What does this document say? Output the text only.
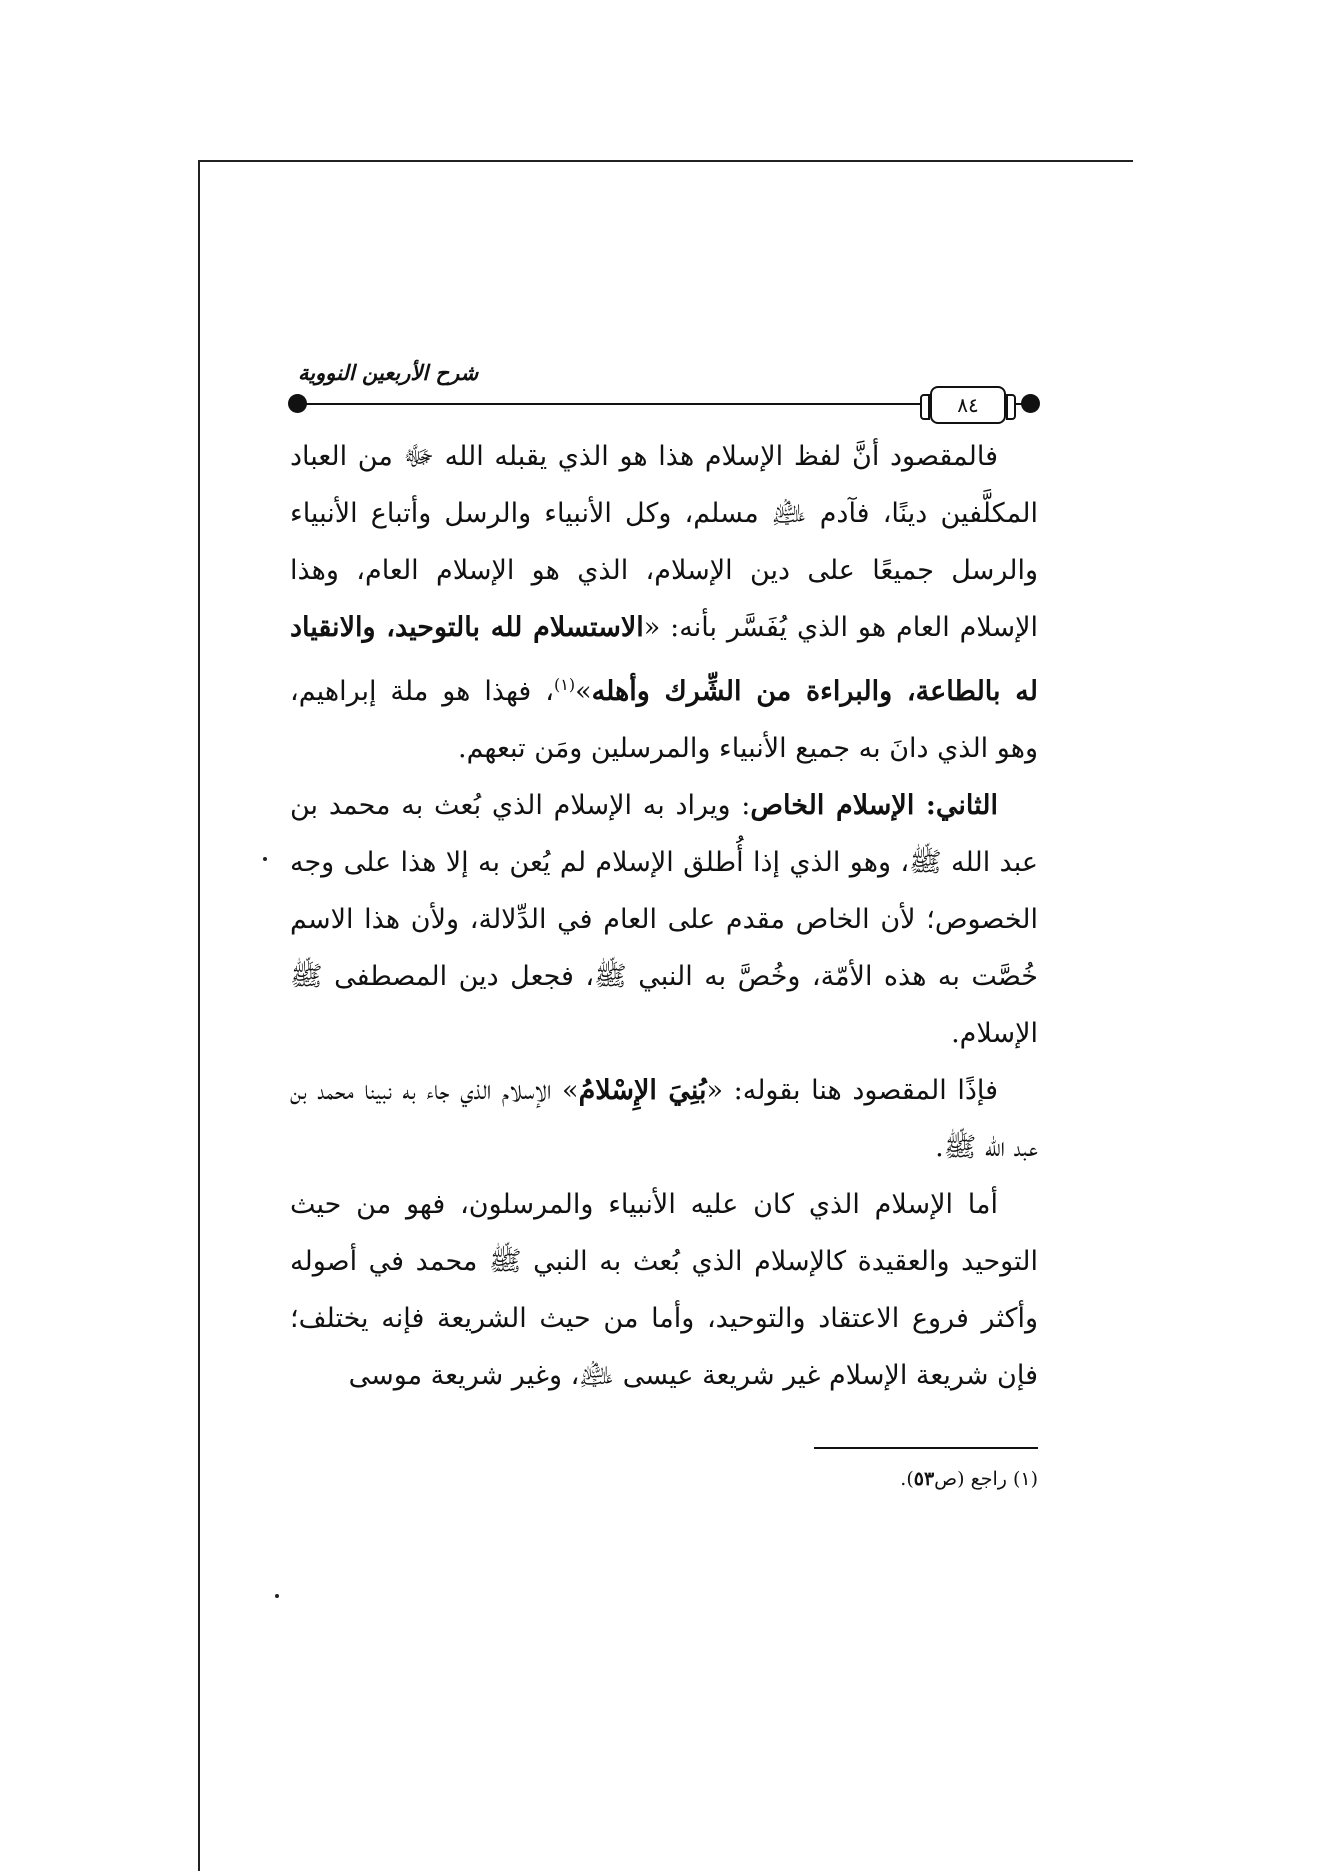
شرح الأربعين النووية
٨٤

فالمقصود أنَّ لفظ الإسلام هذا هو الذي يقبله الله ﷻ من العباد المكلَّفين دينًا، فآدم ﵇ مسلم، وكل الأنبياء والرسل وأتباع الأنبياء والرسل جميعًا على دين الإسلام، الذي هو الإسلام العام، وهذا الإسلام العام هو الذي يُفَسَّر بأنه: «الاستسلام لله بالتوحيد، والانقياد له بالطاعة، والبراءة من الشِّرك وأهله»$^{(١)}$، فهذا هو ملة إبراهيم، وهو الذي دانَ به جميع الأنبياء والمرسلين ومَن تبعهم.

الثاني: الإسلام الخاص: ويراد به الإسلام الذي بُعث به محمد بن عبد الله ﷺ، وهو الذي إذا أُطلق الإسلام لم يُعن به إلا هذا على وجه الخصوص؛ لأن الخاص مقدم على العام في الدِّلالة، ولأن هذا الاسم خُصَّت به هذه الأمّة، وخُصَّ به النبي ﷺ، فجعل دين المصطفى ﷺ الإسلام.

فإذًا المقصود هنا بقوله: «بُنِيَ الإِسْلامُ» الإسلام الذي جاء به نبينا محمد بن عبد الله ﷺ.

أما الإسلام الذي كان عليه الأنبياء والمرسلون، فهو من حيث التوحيد والعقيدة كالإسلام الذي بُعث به النبي ﷺ محمد في أصوله وأكثر فروع الاعتقاد والتوحيد، وأما من حيث الشريعة فإنه يختلف؛ فإن شريعة الإسلام غير شريعة عيسى ﵇، وغير شريعة موسى

(١) راجع (ص٥٣).
